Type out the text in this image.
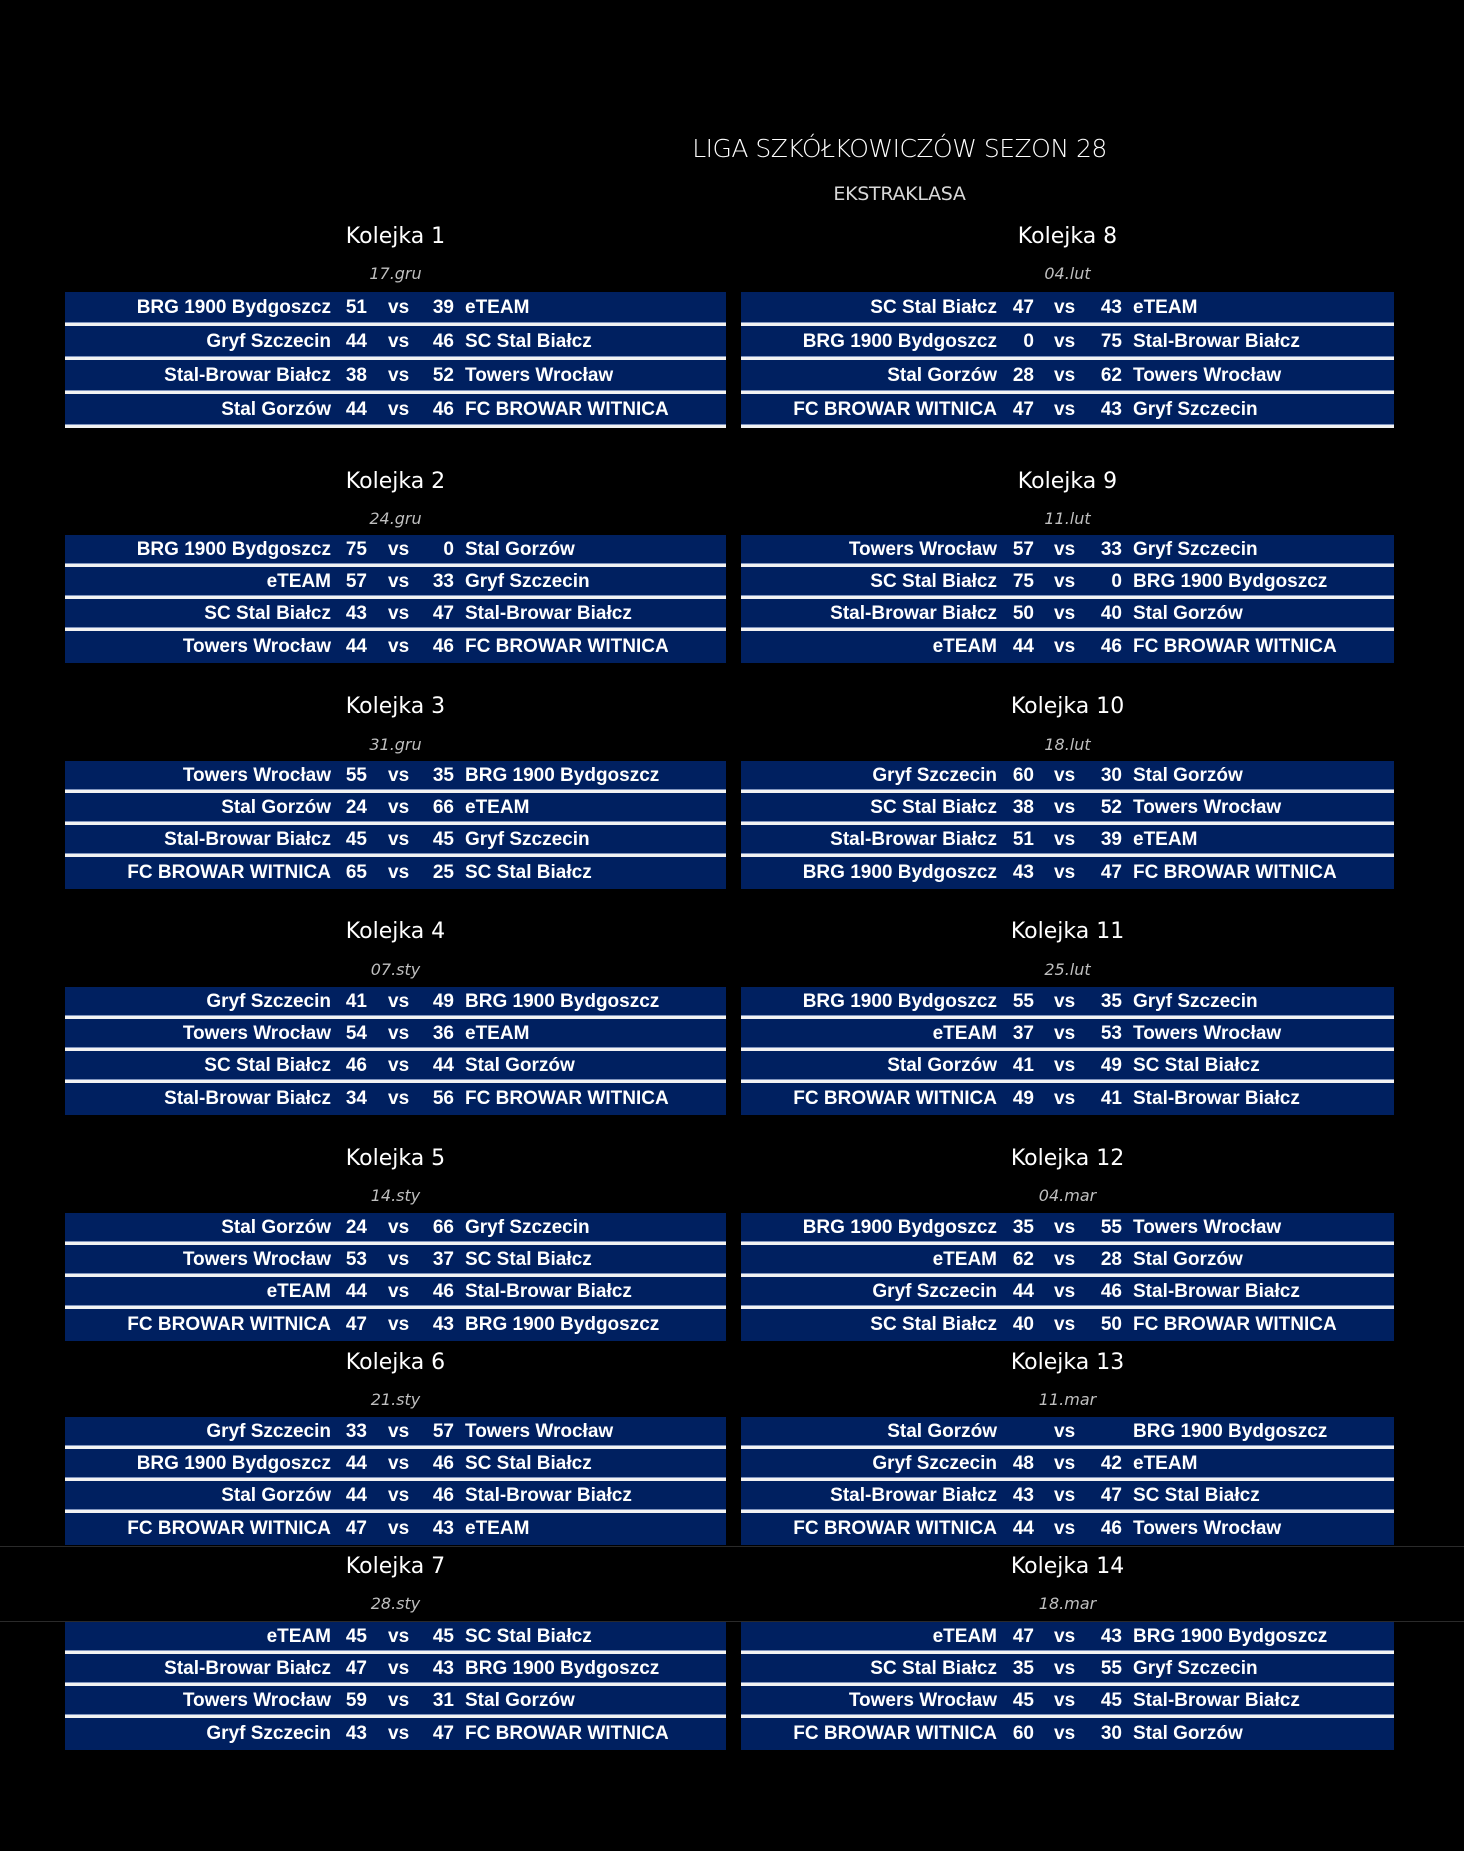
LIGA SZKÓŁKOWICZÓW SEZON 28
EKSTRAKLASA
Kolejka 1
17.gru
BRG 1900 Bydgoszcz 51 vs 39 eTEAM
Gryf Szczecin 44 vs 46 SC Stal Białcz
Stal-Browar Białcz 38 vs 52 Towers Wrocław
Stal Gorzów 44 vs 46 FC BROWAR WITNICA
Kolejka 2
24.gru
BRG 1900 Bydgoszcz 75 vs	0 Stal Gorzów
eTEAM 57 vs 33 Gryf Szczecin
SC Stal Białcz 43 vs 47 Stal-Browar Białcz
Towers Wrocław 44 vs 46 FC BROWAR WITNICA
Kolejka 3
31.gru
Towers Wrocław 55 vs 35 BRG 1900 Bydgoszcz
Stal Gorzów 24 vs 66 eTEAM
Stal-Browar Białcz 45 vs 45 Gryf Szczecin
FC BROWAR WITNICA 65 vs 25 SC Stal Białcz
Kolejka 4
07.sty
Gryf Szczecin 41 vs 49 BRG 1900 Bydgoszcz
Towers Wrocław 54 vs 36 eTEAM
SC Stal Białcz 46 vs 44 Stal Gorzów
Stal-Browar Białcz 34 vs 56 FC BROWAR WITNICA
Kolejka 5
14.sty
Stal Gorzów 24 vs 66 Gryf Szczecin
Towers Wrocław 53 vs 37 SC Stal Białcz
eTEAM 44 vs 46 Stal-Browar Białcz
FC BROWAR WITNICA 47 vs 43 BRG 1900 Bydgoszcz
Kolejka 6
21.sty
Gryf Szczecin 33 vs 57 Towers Wrocław
BRG 1900 Bydgoszcz 44 vs 46 SC Stal Białcz
Stal Gorzów 44 vs 46 Stal-Browar Białcz
FC BROWAR WITNICA 47 vs 43 eTEAM
Kolejka 7
28.sty
eTEAM 45 vs 45 SC Stal Białcz
Stal-Browar Białcz 47 vs 43 BRG 1900 Bydgoszcz
Towers Wrocław 59 vs 31 Stal Gorzów
Gryf Szczecin 43 vs 47 FC BROWAR WITNICA
Kolejka 8
04.lut
SC Stal Białcz 47 vs 43 eTEAM
BRG 1900 Bydgoszcz	0 vs 75 Stal-Browar Białcz
Stal Gorzów 28 vs 62 Towers Wrocław
FC BROWAR WITNICA 47 vs 43 Gryf Szczecin
Kolejka 9
11.lut
Towers Wrocław 57 vs 33 Gryf Szczecin
SC Stal Białcz 75 vs	0 BRG 1900 Bydgoszcz
Stal-Browar Białcz 50 vs 40 Stal Gorzów
eTEAM 44 vs 46 FC BROWAR WITNICA
Kolejka 10
18.lut
Gryf Szczecin 60 vs 30 Stal Gorzów
SC Stal Białcz 38 vs 52 Towers Wrocław
Stal-Browar Białcz 51 vs 39 eTEAM
BRG 1900 Bydgoszcz 43 vs 47 FC BROWAR WITNICA
Kolejka 11
25.lut
BRG 1900 Bydgoszcz 55 vs 35 Gryf Szczecin
eTEAM 37 vs 53 Towers Wrocław
Stal Gorzów 41 vs 49 SC Stal Białcz
FC BROWAR WITNICA 49 vs 41 Stal-Browar Białcz
Kolejka 12
04.mar
BRG 1900 Bydgoszcz 35 vs 55 Towers Wrocław
eTEAM 62 vs 28 Stal Gorzów
Gryf Szczecin 44 vs 46 Stal-Browar Białcz
SC Stal Białcz 40 vs 50 FC BROWAR WITNICA
Kolejka 13
11.mar
Stal Gorzów	vs	BRG 1900 Bydgoszcz
Gryf Szczecin 48 vs 42 eTEAM
Stal-Browar Białcz 43 vs 47 SC Stal Białcz
FC BROWAR WITNICA 44 vs 46 Towers Wrocław
Kolejka 14
18.mar
eTEAM 47 vs 43 BRG 1900 Bydgoszcz
SC Stal Białcz 35 vs 55 Gryf Szczecin
Towers Wrocław 45 vs 45 Stal-Browar Białcz
FC BROWAR WITNICA 60 vs 30 Stal Gorzów
